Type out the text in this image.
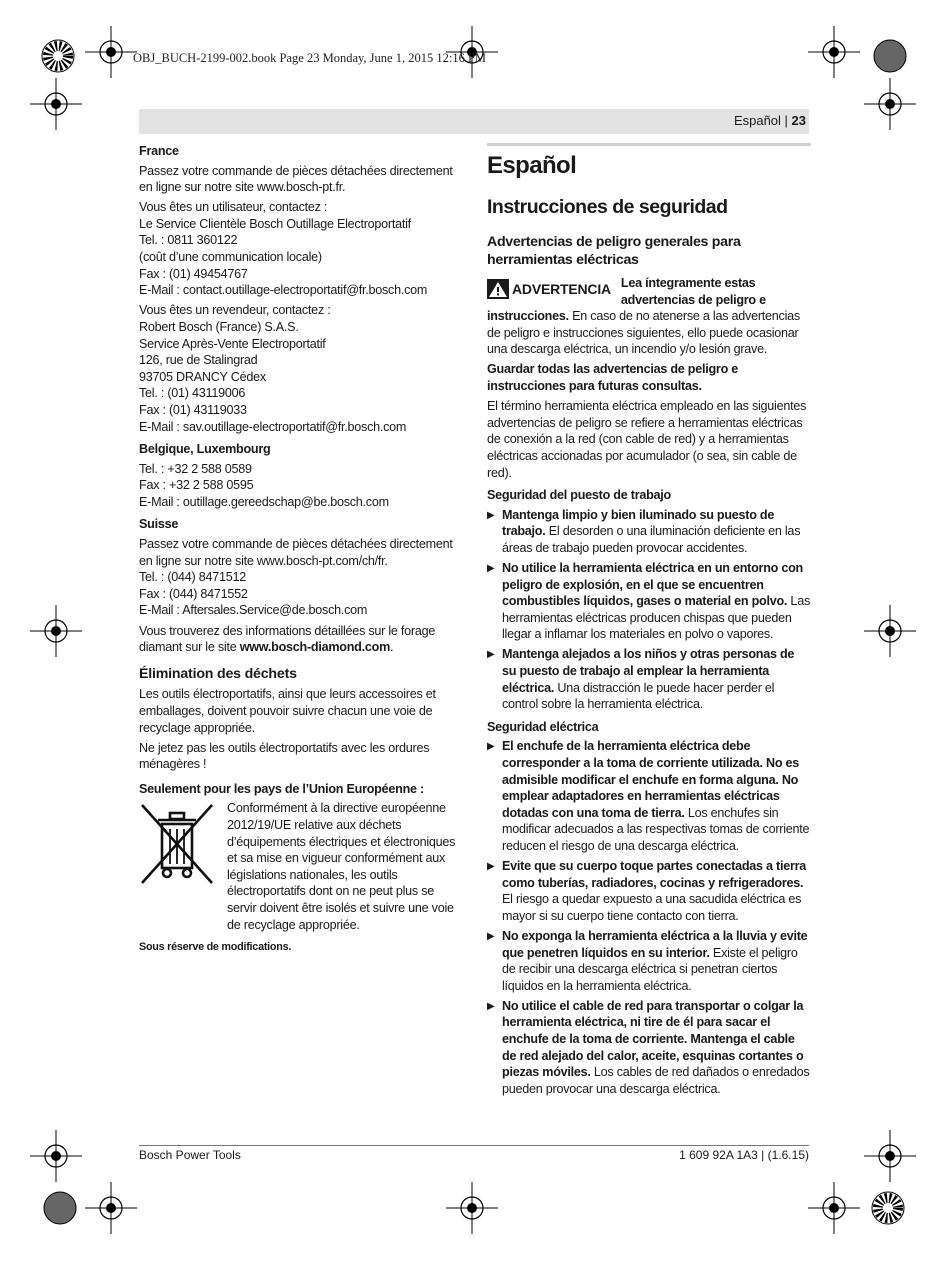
OBJ_BUCH-2199-002.book Page 23 Monday, June 1, 2015 12:16 PM
Español | 23
France

Passez votre commande de pièces détachées directement en ligne sur notre site www.bosch-pt.fr.

Vous êtes un utilisateur, contactez :
Le Service Clientèle Bosch Outillage Electroportatif
Tel. : 0811 360122
(coût d’une communication locale)
Fax : (01) 49454767
E-Mail : contact.outillage-electroportatif@fr.bosch.com

Vous êtes un revendeur, contactez :
Robert Bosch (France) S.A.S.
Service Après-Vente Electroportatif
126, rue de Stalingrad
93705 DRANCY Cédex
Tel. : (01) 43119006
Fax : (01) 43119033
E-Mail : sav.outillage-electroportatif@fr.bosch.com

Belgique, Luxembourg

Tel. : +32 2 588 0589
Fax : +32 2 588 0595
E-Mail : outillage.gereedschap@be.bosch.com

Suisse

Passez votre commande de pièces détachées directement en ligne sur notre site www.bosch-pt.com/ch/fr.
Tel. : (044) 8471512
Fax : (044) 8471552
E-Mail : Aftersales.Service@de.bosch.com

Vous trouverez des informations détaillées sur le forage diamant sur le site www.bosch-diamond.com.

Élimination des déchets

Les outils électroportatifs, ainsi que leurs accessoires et emballages, doivent pouvoir suivre chacun une voie de recyclage appropriée.

Ne jetez pas les outils électroportatifs avec les ordures ménagères !

Seulement pour les pays de l’Union Européenne :
Conformément à la directive européenne 2012/19/UE relative aux déchets d’équipements électriques et électroniques et sa mise en vigueur conformément aux législations nationales, les outils électroportatifs dont on ne peut plus se servir doivent être isolés et suivre une voie de recyclage appropriée.
Sous réserve de modifications.
Español
Instrucciones de seguridad
Advertencias de peligro generales para herramientas eléctricas

ADVERTENCIA Lea íntegramente estas advertencias de peligro e instrucciones. En caso de no atenerse a las advertencias de peligro e instrucciones siguientes, ello puede ocasionar una descarga eléctrica, un incendio y/o lesión grave.

Guardar todas las advertencias de peligro e instrucciones para futuras consultas.

El término herramienta eléctrica empleado en las siguientes advertencias de peligro se refiere a herramientas eléctricas de conexión a la red (con cable de red) y a herramientas eléctricas accionadas por acumulador (o sea, sin cable de red).

Seguridad del puesto de trabajo
▶ Mantenga limpio y bien iluminado su puesto de trabajo. El desorden o una iluminación deficiente en las áreas de trabajo pueden provocar accidentes.
▶ No utilice la herramienta eléctrica en un entorno con peligro de explosión, en el que se encuentren combustibles líquidos, gases o material en polvo. Las herramientas eléctricas producen chispas que pueden llegar a inflamar los materiales en polvo o vapores.
▶ Mantenga alejados a los niños y otras personas de su puesto de trabajo al emplear la herramienta eléctrica. Una distracción le puede hacer perder el control sobre la herramienta eléctrica.
Seguridad eléctrica
▶ El enchufe de la herramienta eléctrica debe corresponder a la toma de corriente utilizada. No es admisible modificar el enchufe en forma alguna. No emplear adaptadores en herramientas eléctricas dotadas con una toma de tierra. Los enchufes sin modificar adecuados a las respectivas tomas de corriente reducen el riesgo de una descarga eléctrica.
▶ Evite que su cuerpo toque partes conectadas a tierra como tuberías, radiadores, cocinas y refrigeradores. El riesgo a quedar expuesto a una sacudida eléctrica es mayor si su cuerpo tiene contacto con tierra.
▶ No exponga la herramienta eléctrica a la lluvia y evite que penetren líquidos en su interior. Existe el peligro de recibir una descarga eléctrica si penetran ciertos líquidos en la herramienta eléctrica.
▶ No utilice el cable de red para transportar o colgar la herramienta eléctrica, ni tire de él para sacar el enchufe de la toma de corriente. Mantenga el cable de red alejado del calor, aceite, esquinas cortantes o piezas móviles. Los cables de red dañados o enredados pueden provocar una descarga eléctrica.
Bosch Power Tools	1 609 92A 1A3 | (1.6.15)
